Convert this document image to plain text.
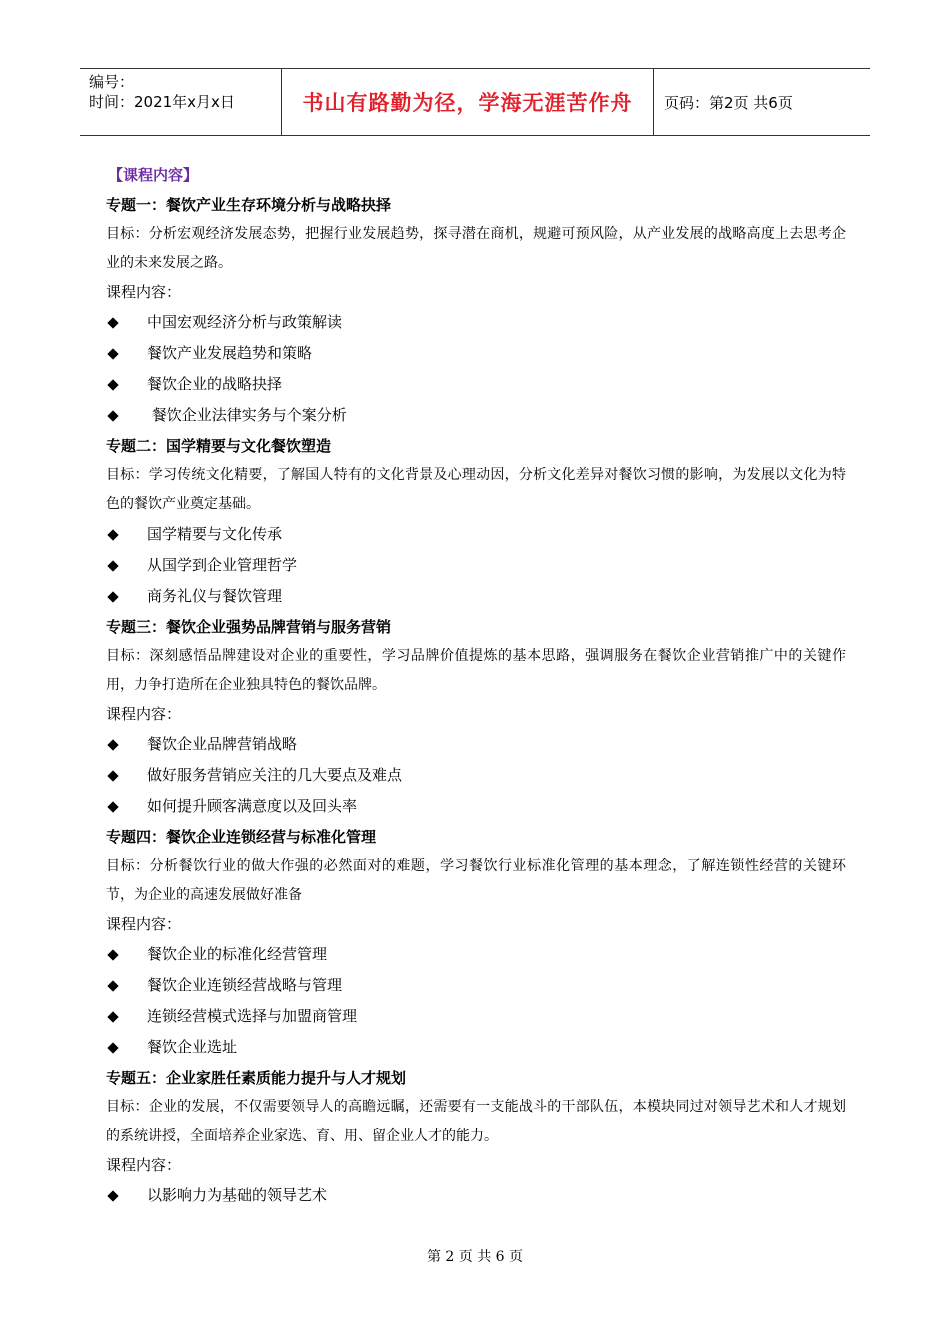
编号：
时间：2021年x月x日	书山有路勤为径，学海无涯苦作舟	页码：第2页 共6页
【课程内容】
专题一：餐饮产业生存环境分析与战略抉择
目标：分析宏观经济发展态势，把握行业发展趋势，探寻潜在商机，规避可预风险，从产业发展的战略高度上去思考企业的未来发展之路。
课程内容：
中国宏观经济分析与政策解读
餐饮产业发展趋势和策略
餐饮企业的战略抉择
餐饮企业法律实务与个案分析
专题二：国学精要与文化餐饮塑造
目标：学习传统文化精要，了解国人特有的文化背景及心理动因，分析文化差异对餐饮习惯的影响，为发展以文化为特色的餐饮产业奠定基础。
国学精要与文化传承
从国学到企业管理哲学
商务礼仪与餐饮管理
专题三：餐饮企业强势品牌营销与服务营销
目标：深刻感悟品牌建设对企业的重要性，学习品牌价值提炼的基本思路，强调服务在餐饮企业营销推广中的关键作用，力争打造所在企业独具特色的餐饮品牌。
课程内容：
餐饮企业品牌营销战略
做好服务营销应关注的几大要点及难点
如何提升顾客满意度以及回头率
专题四：餐饮企业连锁经营与标准化管理
目标：分析餐饮行业的做大作强的必然面对的难题，学习餐饮行业标准化管理的基本理念，了解连锁性经营的关键环节，为企业的高速发展做好准备
课程内容：
餐饮企业的标准化经营管理
餐饮企业连锁经营战略与管理
连锁经营模式选择与加盟商管理
餐饮企业选址
专题五：企业家胜任素质能力提升与人才规划
目标：企业的发展，不仅需要领导人的高瞻远瞩，还需要有一支能战斗的干部队伍，本模块同过对领导艺术和人才规划的系统讲授，全面培养企业家选、育、用、留企业人才的能力。
课程内容：
以影响力为基础的领导艺术
第 2 页 共 6 页
